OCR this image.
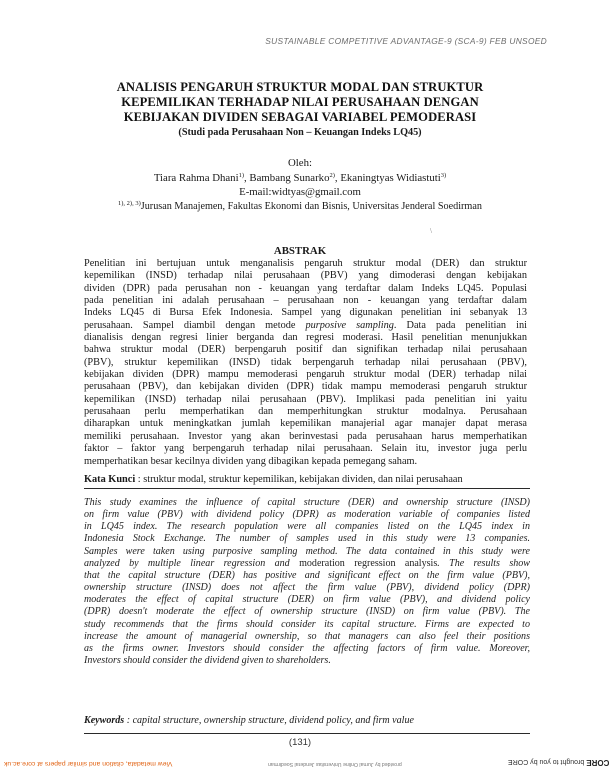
SUSTAINABLE COMPETITIVE ADVANTAGE-9 (SCA-9) FEB UNSOED
ANALISIS PENGARUH STRUKTUR MODAL DAN STRUKTUR
KEPEMILIKAN TERHADAP NILAI PERUSAHAAN DENGAN
KEBIJAKAN DIVIDEN SEBAGAI VARIABEL PEMODERASI
(Studi pada Perusahaan Non – Keuangan Indeks LQ45)
Oleh:
Tiara Rahma Dhani$^{1)}$, Bambang Sunarko$^{2)}$, Ekaningtyas Widiastuti$^{3)}$
E-mail:widtyas@gmail.com
$^{1), 2), 3)}$Jurusan Manajemen, Fakultas Ekonomi dan Bisnis, Universitas Jenderal Soedirman
\
ABSTRAK
Penelitian ini bertujuan untuk menganalisis pengaruh struktur modal (DER) dan struktur
kepemilikan (INSD) terhadap nilai perusahaan (PBV) yang dimoderasi dengan kebijakan
dividen (DPR) pada perusahan non - keuangan yang terdaftar dalam Indeks LQ45. Populasi
pada penelitian ini adalah perusahaan – perusahaan non - keuangan yang terdaftar dalam
Indeks LQ45 di Bursa Efek Indonesia. Sampel yang digunakan penelitian ini sebanyak 13
perusahaan. Sampel diambil dengan metode purposive sampling. Data pada penelitian ini
dianalisis dengan regresi linier berganda dan regresi moderasi. Hasil penelitian menunjukkan
bahwa struktur modal (DER) berpengaruh positif dan signifikan terhadap nilai perusahaan
(PBV), struktur kepemilikan (INSD) tidak berpengaruh terhadap nilai perusahaan (PBV),
kebijakan dividen (DPR) mampu memoderasi pengaruh struktur modal (DER) terhadap nilai
perusahaan (PBV), dan kebijakan dividen (DPR) tidak mampu memoderasi pengaruh struktur
kepemilikan (INSD) terhadap nilai perusahaan (PBV). Implikasi pada penelitian ini yaitu
perusahaan perlu memperhatikan dan memperhitungkan struktur modalnya. Perusahaan
diharapkan untuk meningkatkan jumlah kepemilikan manajerial agar manajer dapat merasa
memiliki perusahaan. Investor yang akan berinvestasi pada perusahaan harus memperhatikan
faktor – faktor yang berpengaruh terhadap nilai perusahaan. Selain itu, investor juga perlu
memperhatikan besar kecilnya dividen yang dibagikan kepada pemegang saham.
Kata Kunci : struktur modal, struktur kepemilikan, kebijakan dividen, dan nilai perusahaan
This study examines the influence of capital structure (DER) and ownership structure (INSD)
on firm value (PBV) with dividend policy (DPR) as moderation variable of companies listed
in LQ45 index. The research population were all companies listed on the LQ45 index in
Indonesia Stock Exchange. The number of samples used in this study were 13 companies.
Samples were taken using purposive sampling method. The data contained in this study were
analyzed by multiple linear regression and moderation regression analysis. The results show
that the capital structure (DER) has positive and significant effect on the firm value (PBV),
ownership structure (INSD) does not affect the firm value (PBV), dividend policy (DPR)
moderates the effect of capital structure (DER) on firm value (PBV), and dividend policy
(DPR) doesn't moderate the effect of ownership structure (INSD) on firm value (PBV). The
study recommends that the firms should consider its capital structure. Firms are expected to
increase the amount of managerial ownership, so that managers can also feel their positions
as the firms owner. Investors should consider the affecting factors of firm value. Moreover,
Investors should consider the dividend given to shareholders.
Keywords : capital structure, ownership structure, dividend policy, and firm value
(131)
View metadata, citation and similar papers at core.ac.uk	provided by Jurnal Online Universitas Jenderal Soedirman	CORE brought to you by CORE
